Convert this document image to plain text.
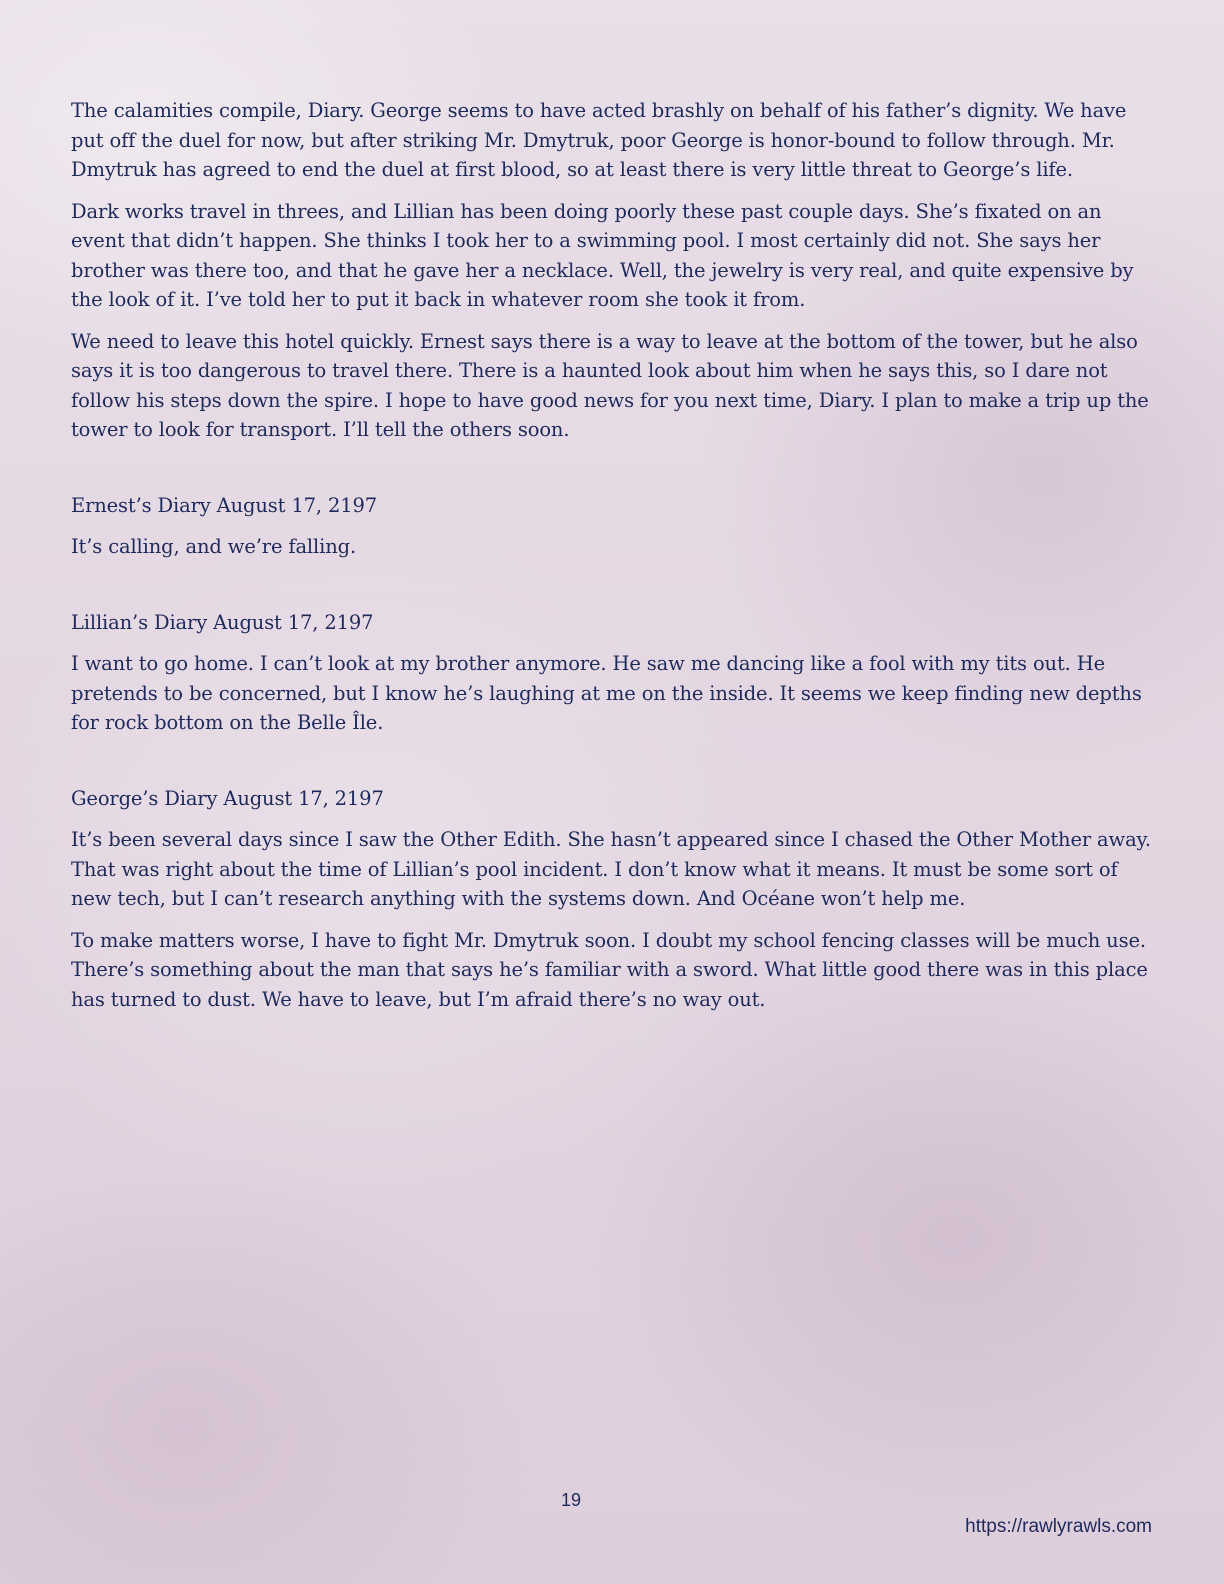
The calamities compile, Diary. George seems to have acted brashly on behalf of his father’s dignity. We have put off the duel for now, but after striking Mr. Dmytruk, poor George is honor-bound to follow through. Mr. Dmytruk has agreed to end the duel at first blood, so at least there is very little threat to George’s life.

Dark works travel in threes, and Lillian has been doing poorly these past couple days. She’s fixated on an event that didn’t happen. She thinks I took her to a swimming pool. I most certainly did not. She says her brother was there too, and that he gave her a necklace. Well, the jewelry is very real, and quite expensive by the look of it. I’ve told her to put it back in whatever room she took it from.

We need to leave this hotel quickly. Ernest says there is a way to leave at the bottom of the tower, but he also says it is too dangerous to travel there. There is a haunted look about him when he says this, so I dare not follow his steps down the spire. I hope to have good news for you next time, Diary. I plan to make a trip up the tower to look for transport. I’ll tell the others soon.

Ernest’s Diary August 17, 2197

It’s calling, and we’re falling.

Lillian’s Diary August 17, 2197

I want to go home. I can’t look at my brother anymore. He saw me dancing like a fool with my tits out. He pretends to be concerned, but I know he’s laughing at me on the inside. It seems we keep finding new depths for rock bottom on the Belle Île.

George’s Diary August 17, 2197

It’s been several days since I saw the Other Edith. She hasn’t appeared since I chased the Other Mother away. That was right about the time of Lillian’s pool incident. I don’t know what it means. It must be some sort of new tech, but I can’t research anything with the systems down. And Océane won’t help me.

To make matters worse, I have to fight Mr. Dmytruk soon. I doubt my school fencing classes will be much use. There’s something about the man that says he’s familiar with a sword. What little good there was in this place has turned to dust. We have to leave, but I’m afraid there’s no way out.

19
https://rawlyrawls.com
